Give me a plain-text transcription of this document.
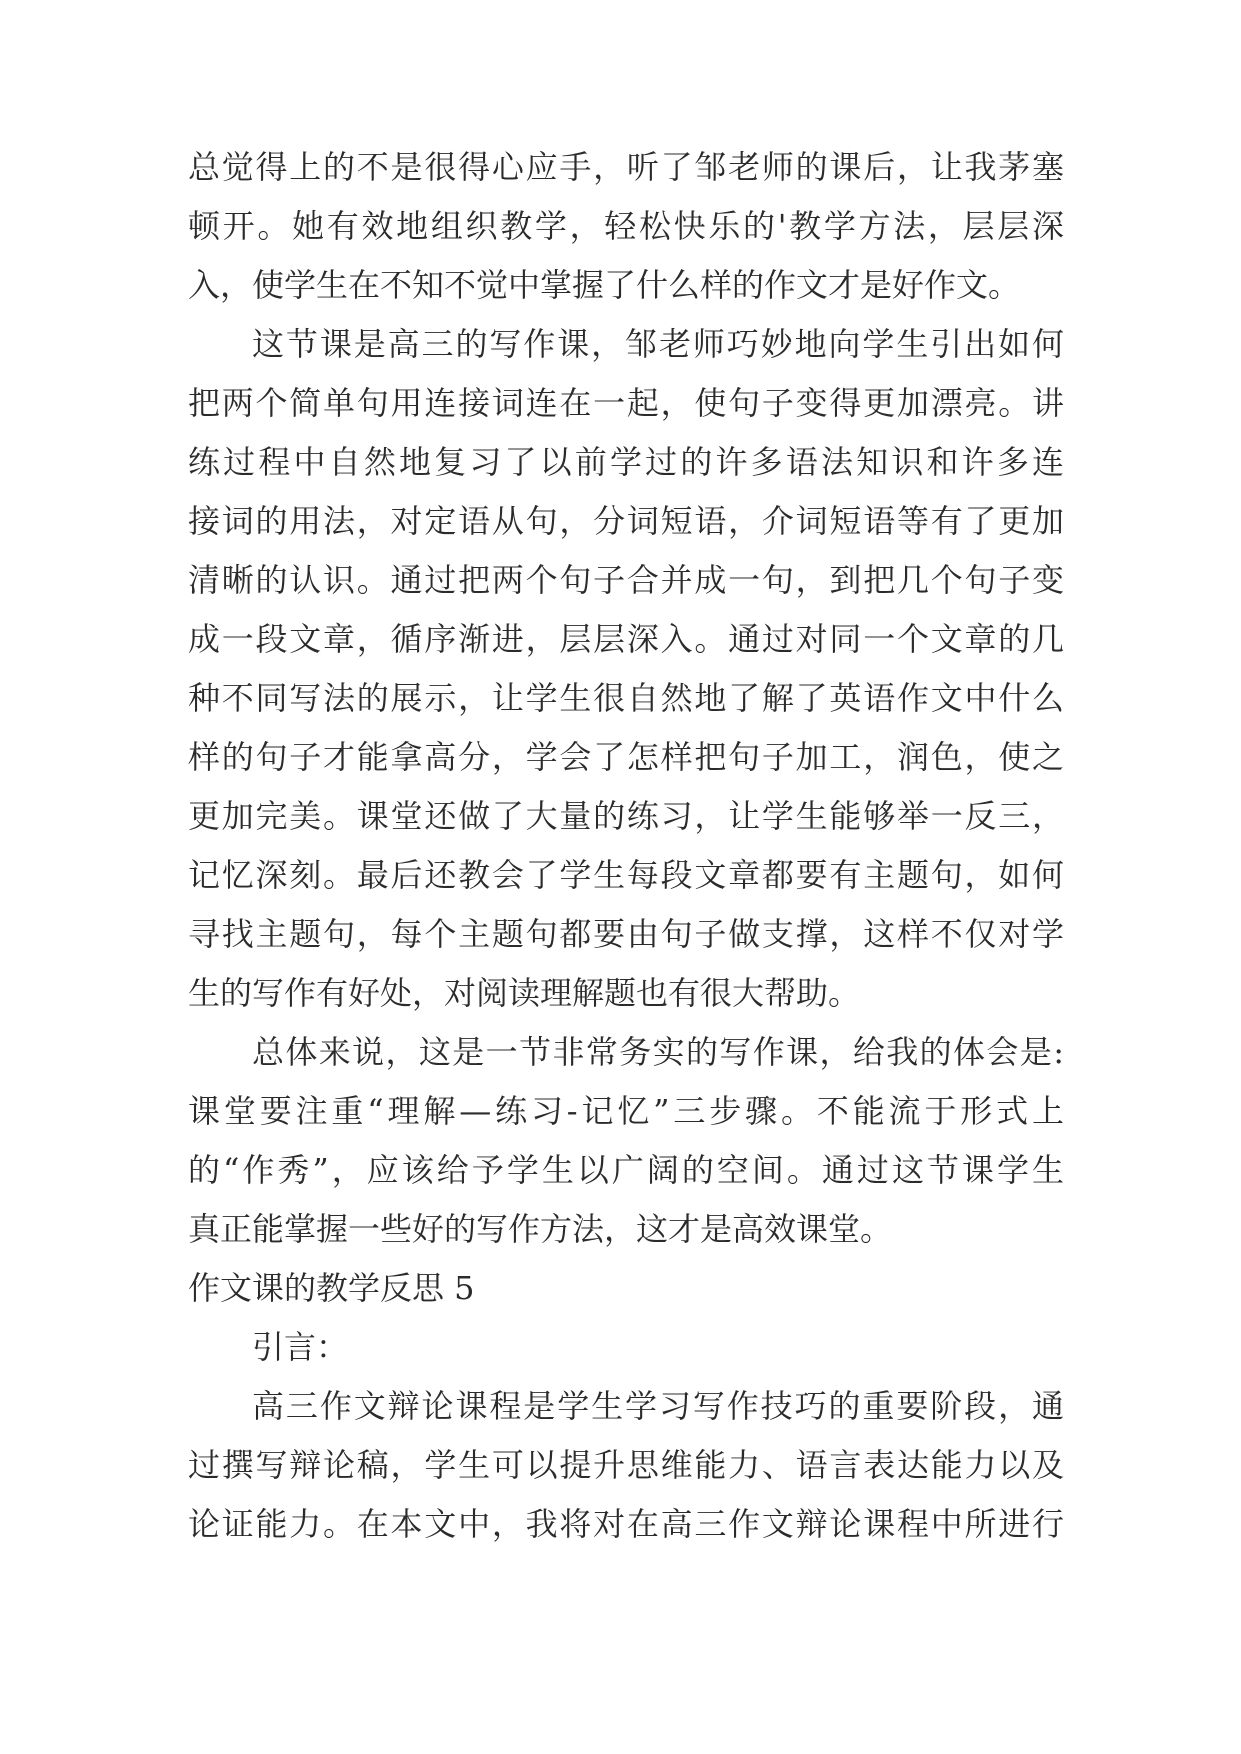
总觉得上的不是很得心应手，听了邹老师的课后，让我茅塞
顿开。她有效地组织教学，轻松快乐的'教学方法，层层深
入，使学生在不知不觉中掌握了什么样的作文才是好作文。
这节课是高三的写作课，邹老师巧妙地向学生引出如何
把两个简单句用连接词连在一起，使句子变得更加漂亮。讲
练过程中自然地复习了以前学过的许多语法知识和许多连
接词的用法，对定语从句，分词短语，介词短语等有了更加
清晰的认识。通过把两个句子合并成一句，到把几个句子变
成一段文章，循序渐进，层层深入。通过对同一个文章的几
种不同写法的展示，让学生很自然地了解了英语作文中什么
样的句子才能拿高分，学会了怎样把句子加工，润色，使之
更加完美。课堂还做了大量的练习，让学生能够举一反三，
记忆深刻。最后还教会了学生每段文章都要有主题句，如何
寻找主题句，每个主题句都要由句子做支撑，这样不仅对学
生的写作有好处，对阅读理解题也有很大帮助。
总体来说，这是一节非常务实的写作课，给我的体会是:
课堂要注重“理解—练习-记忆”三步骤。不能流于形式上
的“作秀”，应该给予学生以广阔的空间。通过这节课学生
真正能掌握一些好的写作方法，这才是高效课堂。
作文课的教学反思 5
引言：
高三作文辩论课程是学生学习写作技巧的重要阶段，通
过撰写辩论稿，学生可以提升思维能力、语言表达能力以及
论证能力。在本文中，我将对在高三作文辩论课程中所进行
